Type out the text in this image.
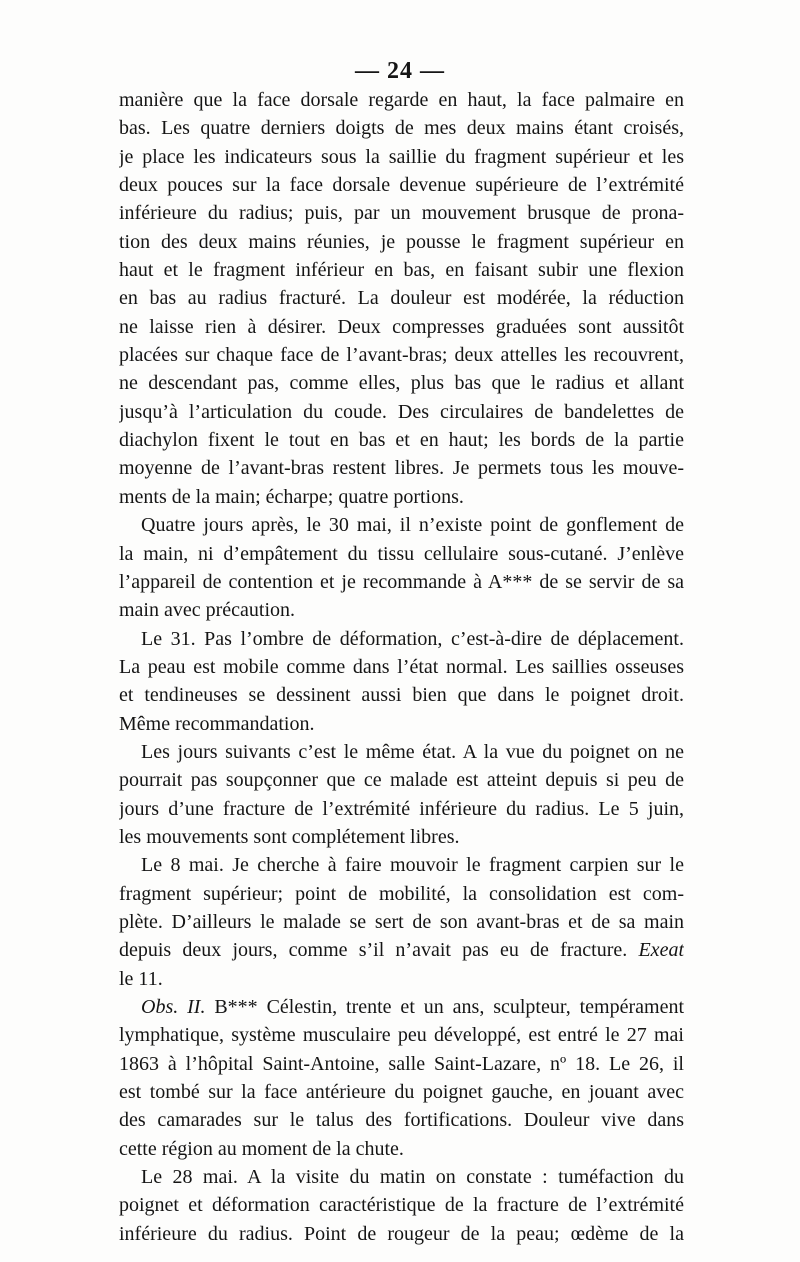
— 24 —
manière que la face dorsale regarde en haut, la face palmaire en
bas. Les quatre derniers doigts de mes deux mains étant croisés,
je place les indicateurs sous la saillie du fragment supérieur et les
deux pouces sur la face dorsale devenue supérieure de l’extrémité
inférieure du radius; puis, par un mouvement brusque de prona-
tion des deux mains réunies, je pousse le fragment supérieur en
haut et le fragment inférieur en bas, en faisant subir une flexion
en bas au radius fracturé. La douleur est modérée, la réduction
ne laisse rien à désirer. Deux compresses graduées sont aussitôt
placées sur chaque face de l’avant-bras; deux attelles les recouvrent,
ne descendant pas, comme elles, plus bas que le radius et allant
jusqu’à l’articulation du coude. Des circulaires de bandelettes de
diachylon fixent le tout en bas et en haut; les bords de la partie
moyenne de l’avant-bras restent libres. Je permets tous les mouve-
ments de la main; écharpe; quatre portions.
Quatre jours après, le 30 mai, il n’existe point de gonflement de
la main, ni d’empâtement du tissu cellulaire sous-cutané. J’enlève
l’appareil de contention et je recommande à A*** de se servir de sa
main avec précaution.
Le 31. Pas l’ombre de déformation, c’est-à-dire de déplacement.
La peau est mobile comme dans l’état normal. Les saillies osseuses
et tendineuses se dessinent aussi bien que dans le poignet droit.
Même recommandation.
Les jours suivants c’est le même état. A la vue du poignet on ne
pourrait pas soupçonner que ce malade est atteint depuis si peu de
jours d’une fracture de l’extrémité inférieure du radius. Le 5 juin,
les mouvements sont complétement libres.
Le 8 mai. Je cherche à faire mouvoir le fragment carpien sur le
fragment supérieur; point de mobilité, la consolidation est com-
plète. D’ailleurs le malade se sert de son avant-bras et de sa main
depuis deux jours, comme s’il n’avait pas eu de fracture. Exeat
le 11.
Obs. II. B*** Célestin, trente et un ans, sculpteur, tempérament
lymphatique, système musculaire peu développé, est entré le 27 mai
1863 à l’hôpital Saint-Antoine, salle Saint-Lazare, nº 18. Le 26, il
est tombé sur la face antérieure du poignet gauche, en jouant avec
des camarades sur le talus des fortifications. Douleur vive dans
cette région au moment de la chute.
Le 28 mai. A la visite du matin on constate : tuméfaction du
poignet et déformation caractéristique de la fracture de l’extrémité
inférieure du radius. Point de rougeur de la peau; œdème de la
